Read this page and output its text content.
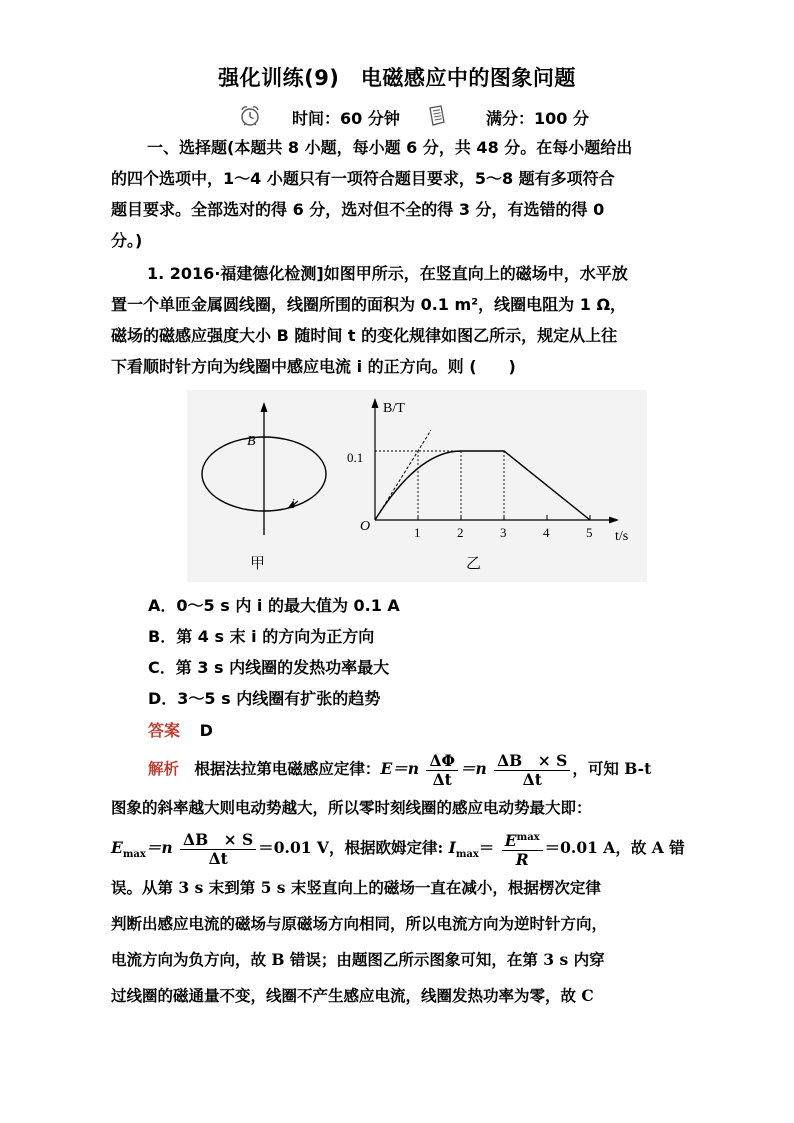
强化训练(9)　电磁感应中的图象问题
时间：60 分钟	满分：100 分
一、选择题(本题共 8 小题，每小题 6 分，共 48 分。在每小题给出
的四个选项中，1～4 小题只有一项符合题目要求，5～8 题有多项符合
题目要求。全部选对的得 6 分，选对但不全的得 3 分，有选错的得 0
分。)
1. 2016·福建德化检测]如图甲所示，在竖直向上的磁场中，水平放
置一个单匝金属圆线圈，线圈所围的面积为 0.1 m²，线圈电阻为 1 Ω，
磁场的磁感应强度大小 B 随时间 t 的变化规律如图乙所示，规定从上往
下看顺时针方向为线圈中感应电流 i 的正方向。则 (　　)
B
i
甲
B/T
t/s
O
0.1
乙
1	2	3	4	5
A．0～5 s 内 i 的最大值为 0.1 A
B．第 4 s 末 i 的方向为正方向
C．第 3 s 内线圈的发热功率最大
D．3～5 s 内线圈有扩张的趋势
答案 D
解析 根据法拉第电磁感应定律：$E=n \frac{\Delta\Phi}{\Delta t} =n \frac{\Delta B \times S}{\Delta t}$ ，可知 B-t
图象的斜率越大则电动势越大，所以零时刻线圈的感应电动势最大即：
$E_{max}=n \frac{\Delta B \times S}{\Delta t} =0.01$ V，根据欧姆定律: $I_{max}= \frac{E^{max}}{R} =0.01$ A，故 A 错
误。从第 3 s 末到第 5 s 末竖直向上的磁场一直在减小，根据楞次定律
判断出感应电流的磁场与原磁场方向相同，所以电流方向为逆时针方向，
电流方向为负方向，故 B 错误；由题图乙所示图象可知，在第 3 s 内穿
过线圈的磁通量不变，线圈不产生感应电流，线圈发热功率为零，故 C
